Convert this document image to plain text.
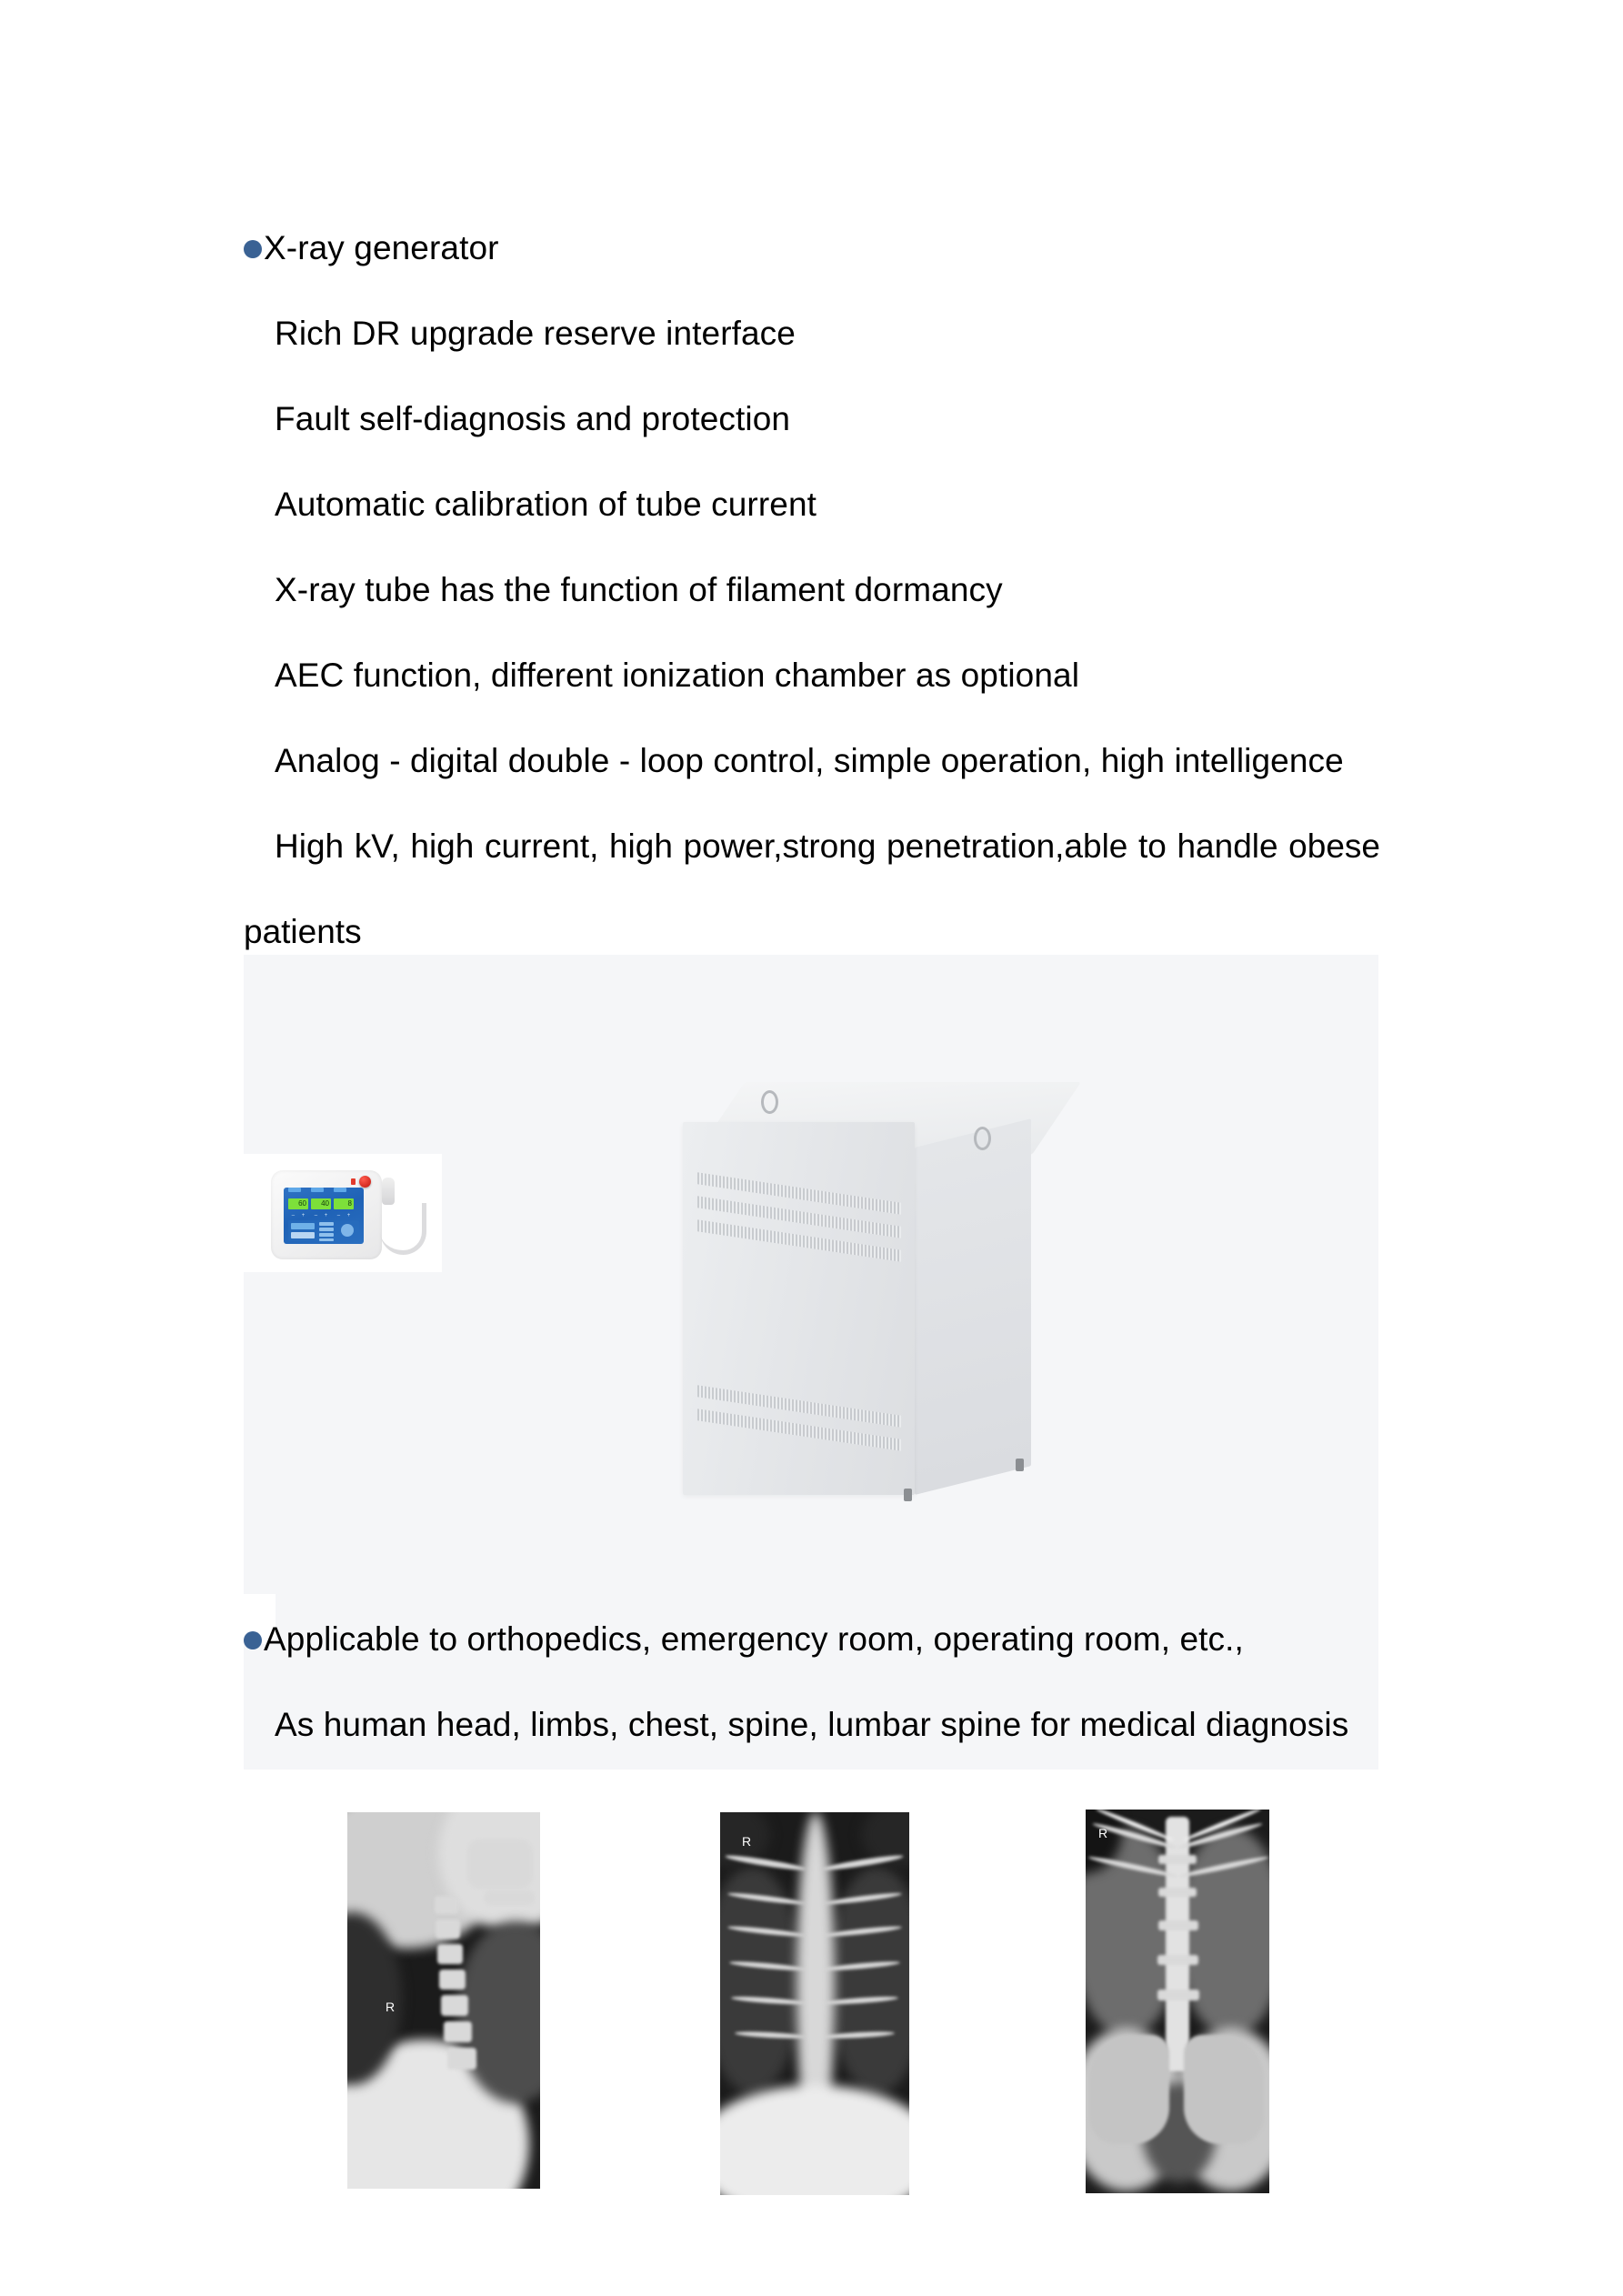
X-ray generator
Rich DR upgrade reserve interface
Fault self-diagnosis and protection
Automatic calibration of tube current
X-ray tube has the function of filament dormancy
AEC function, different ionization chamber as optional
Analog - digital double - loop control, simple operation, high intelligence
High kV, high current, high power,strong penetration,able to handle obese
patients
60	40	8
– + – + – +
Applicable to orthopedics, emergency room, operating room, etc.,
As human head, limbs, chest, spine, lumbar spine for medical diagnosis
R
R
R
